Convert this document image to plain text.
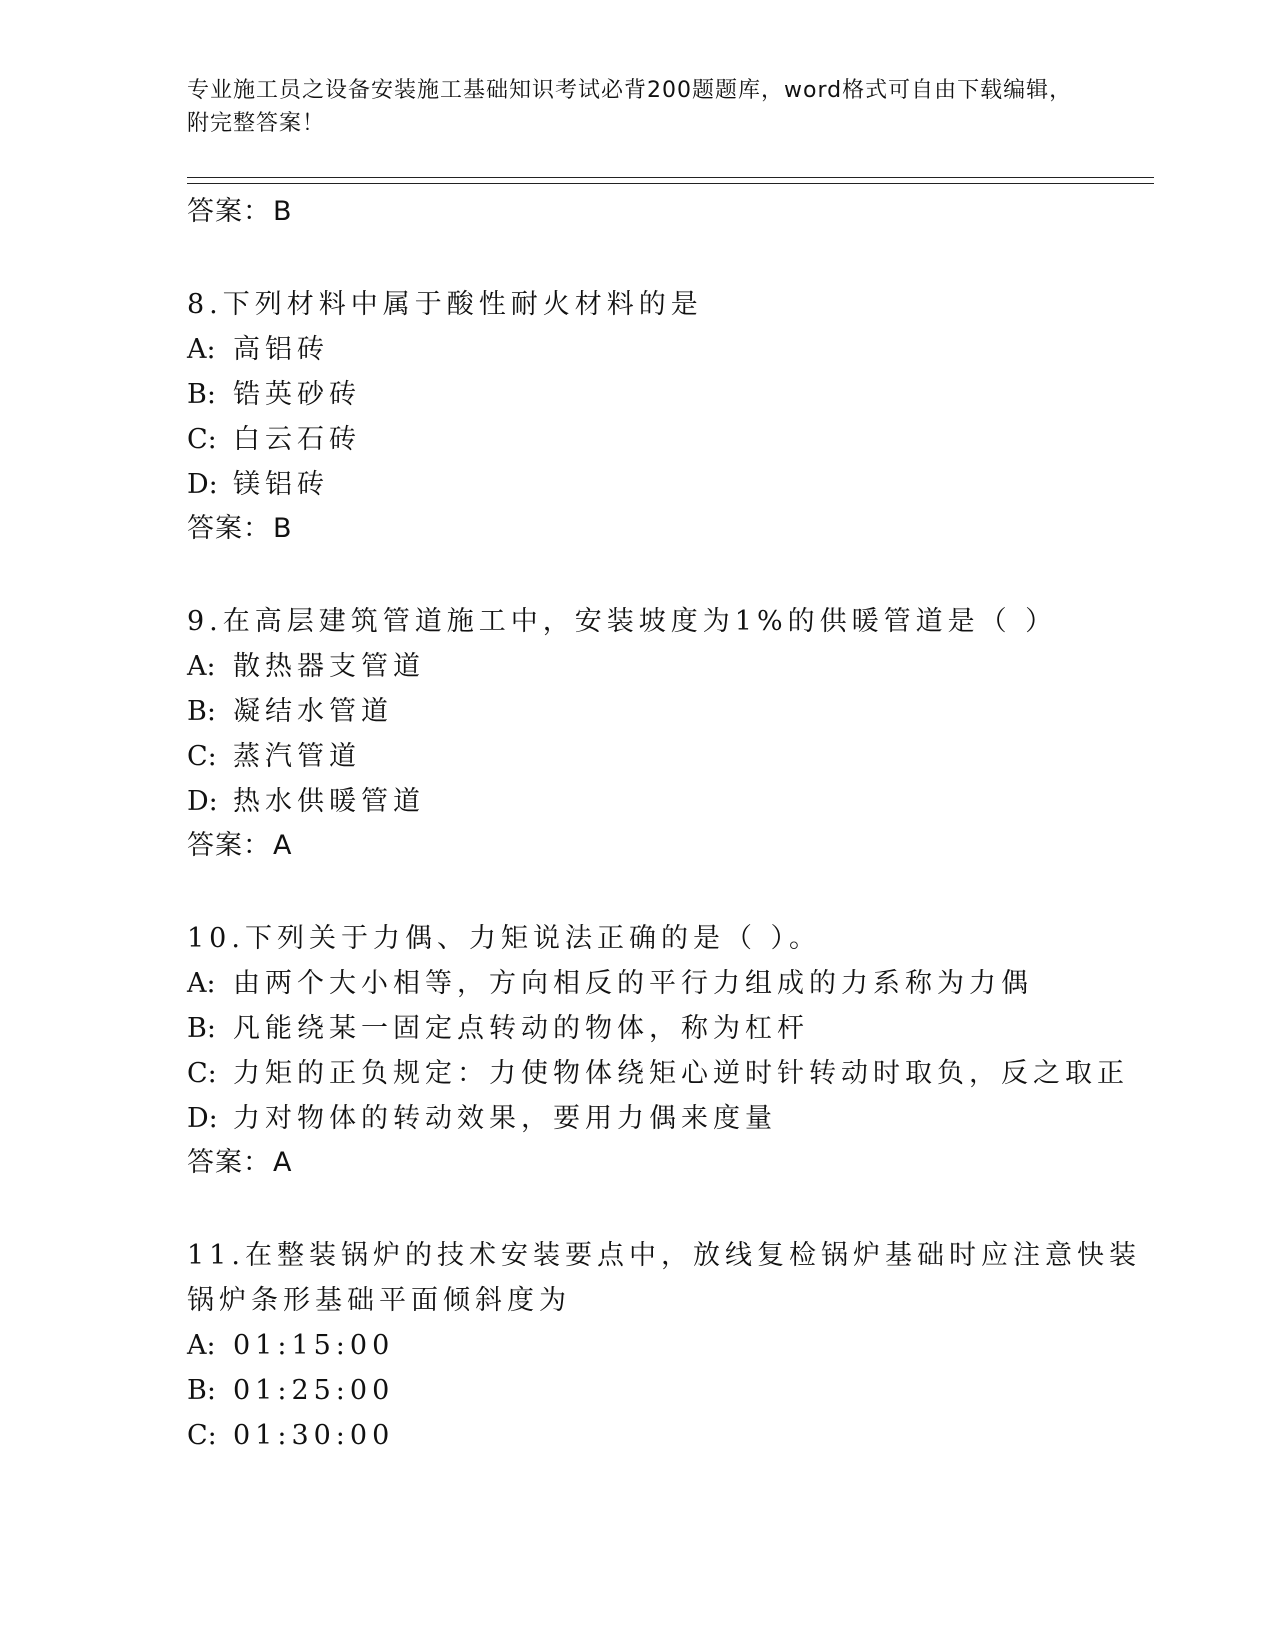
专业施工员之设备安装施工基础知识考试必背200题题库，word格式可自由下载编辑，附完整答案！
答案：B
8.下列材料中属于酸性耐火材料的是
A: 高铝砖
B: 锆英砂砖
C: 白云石砖
D: 镁铝砖
答案：B
9.在高层建筑管道施工中，安装坡度为1%的供暖管道是（ ）
A: 散热器支管道
B: 凝结水管道
C: 蒸汽管道
D: 热水供暖管道
答案：A
10.下列关于力偶、力矩说法正确的是（ ）。
A: 由两个大小相等，方向相反的平行力组成的力系称为力偶
B: 凡能绕某一固定点转动的物体，称为杠杆
C: 力矩的正负规定：力使物体绕矩心逆时针转动时取负，反之取正
D: 力对物体的转动效果，要用力偶来度量
答案：A
11.在整装锅炉的技术安装要点中，放线复检锅炉基础时应注意快装锅炉条形基础平面倾斜度为
A: 01:15:00
B: 01:25:00
C: 01:30:00
